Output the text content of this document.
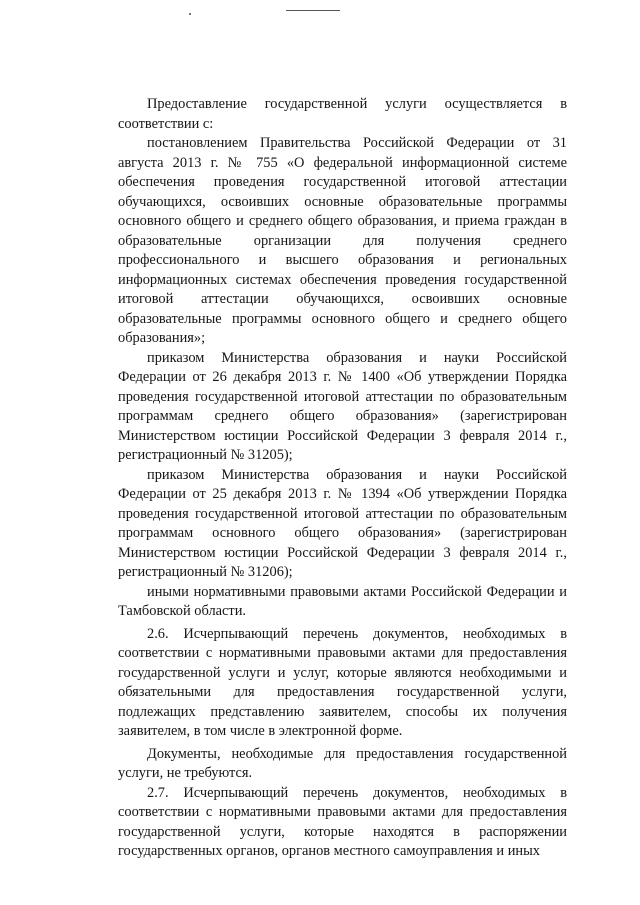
Предоставление государственной услуги осуществляется в соответствии с:

постановлением Правительства Российской Федерации от 31 августа 2013 г. № 755 «О федеральной информационной системе обеспечения проведения государственной итоговой аттестации обучающихся, освоивших основные образовательные программы основного общего и среднего общего образования, и приема граждан в образовательные организации для получения среднего профессионального и высшего образования и региональных информационных системах обеспечения проведения государственной итоговой аттестации обучающихся, освоивших основные образовательные программы основного общего и среднего общего образования»;

приказом Министерства образования и науки Российской Федерации от 26 декабря 2013 г. № 1400 «Об утверждении Порядка проведения государственной итоговой аттестации по образовательным программам среднего общего образования» (зарегистрирован Министерством юстиции Российской Федерации 3 февраля 2014 г., регистрационный № 31205);

приказом Министерства образования и науки Российской Федерации от 25 декабря 2013 г. № 1394 «Об утверждении Порядка проведения государственной итоговой аттестации по образовательным программам основного общего образования» (зарегистрирован Министерством юстиции Российской Федерации 3 февраля 2014 г., регистрационный № 31206);

иными нормативными правовыми актами Российской Федерации и Тамбовской области.

2.6. Исчерпывающий перечень документов, необходимых в соответствии с нормативными правовыми актами для предоставления государственной услуги и услуг, которые являются необходимыми и обязательными для предоставления государственной услуги, подлежащих представлению заявителем, способы их получения заявителем, в том числе в электронной форме.

Документы, необходимые для предоставления государственной услуги, не требуются.

2.7. Исчерпывающий перечень документов, необходимых в соответствии с нормативными правовыми актами для предоставления государственной услуги, которые находятся в распоряжении государственных органов, органов местного самоуправления и иных
